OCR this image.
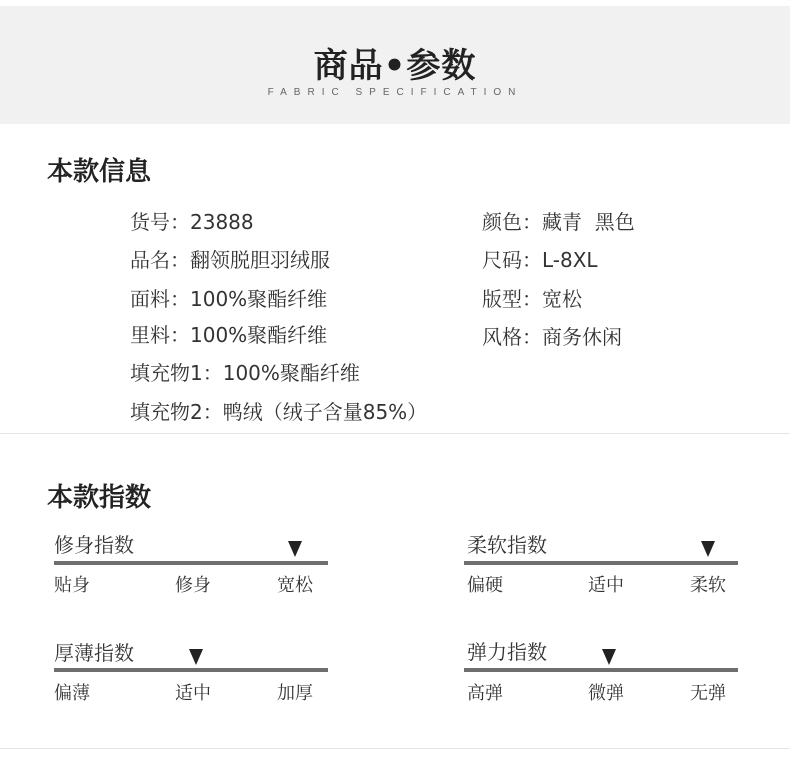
商品•参数
FABRIC SPECIFICATION
本款信息
货号：23888
品名：翻领脱胆羽绒服
面料：100%聚酯纤维
里料：100%聚酯纤维
填充物1：100%聚酯纤维
填充物2：鸭绒（绒子含量85%）
颜色：藏青  黑色
尺码：L-8XL
版型：宽松
风格：商务休闲
本款指数
修身指数
贴身	修身	宽松
柔软指数
偏硬	适中	柔软
厚薄指数
偏薄	适中	加厚
弹力指数
高弹	微弹	无弹
